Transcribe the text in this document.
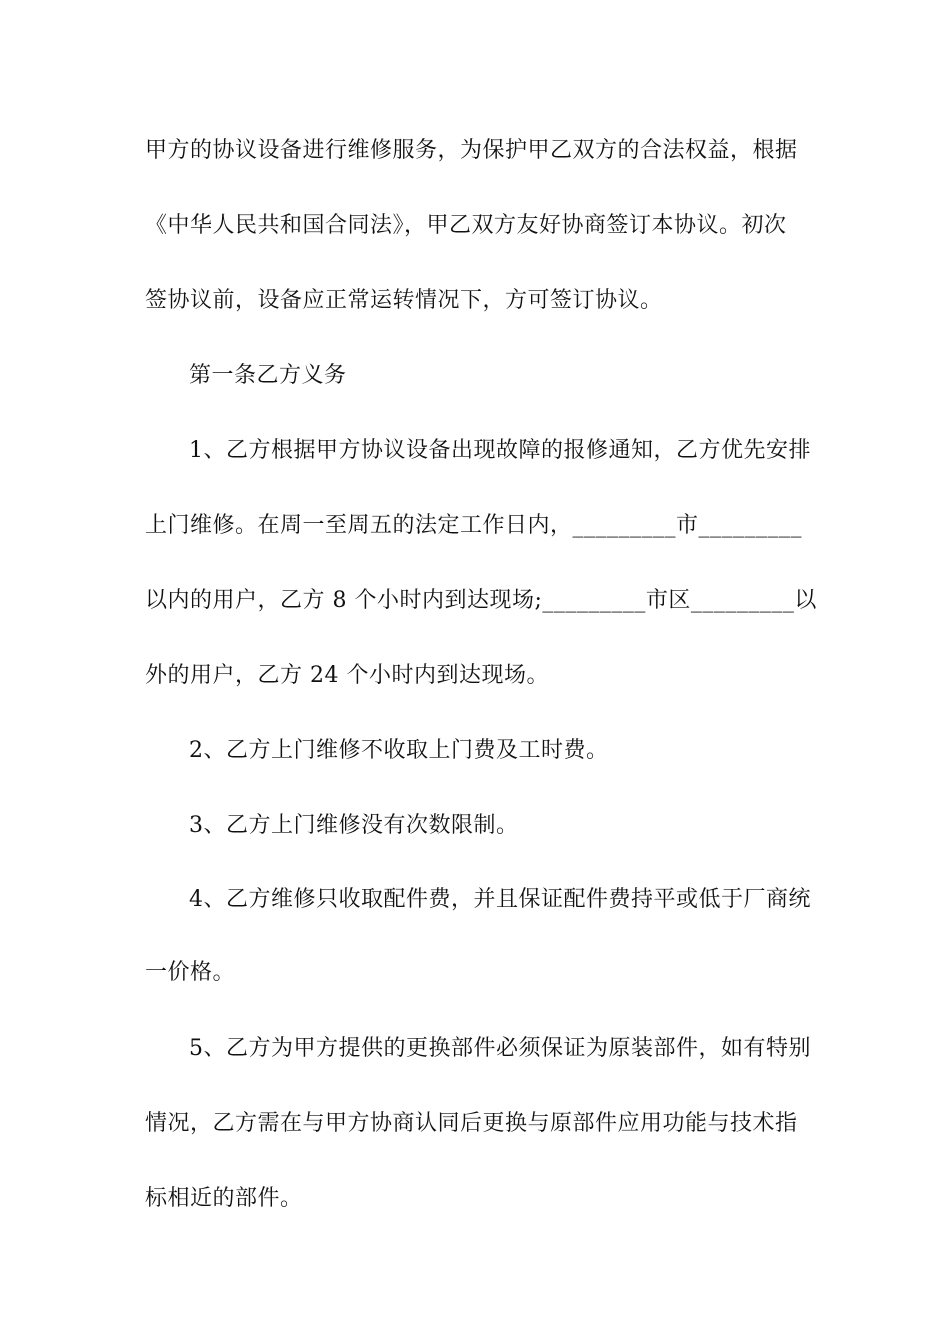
甲方的协议设备进行维修服务，为保护甲乙双方的合法权益，根据
《中华人民共和国合同法》，甲乙双方友好协商签订本协议。初次
签协议前，设备应正常运转情况下，方可签订协议。
第一条乙方义务
1、乙方根据甲方协议设备出现故障的报修通知，乙方优先安排
上门维修。在周一至周五的法定工作日内，_________市_________
以内的用户，乙方 8 个小时内到达现场;_________市区_________以
外的用户，乙方 24 个小时内到达现场。
2、乙方上门维修不收取上门费及工时费。
3、乙方上门维修没有次数限制。
4、乙方维修只收取配件费，并且保证配件费持平或低于厂商统
一价格。
5、乙方为甲方提供的更换部件必须保证为原装部件，如有特别
情况，乙方需在与甲方协商认同后更换与原部件应用功能与技术指
标相近的部件。
